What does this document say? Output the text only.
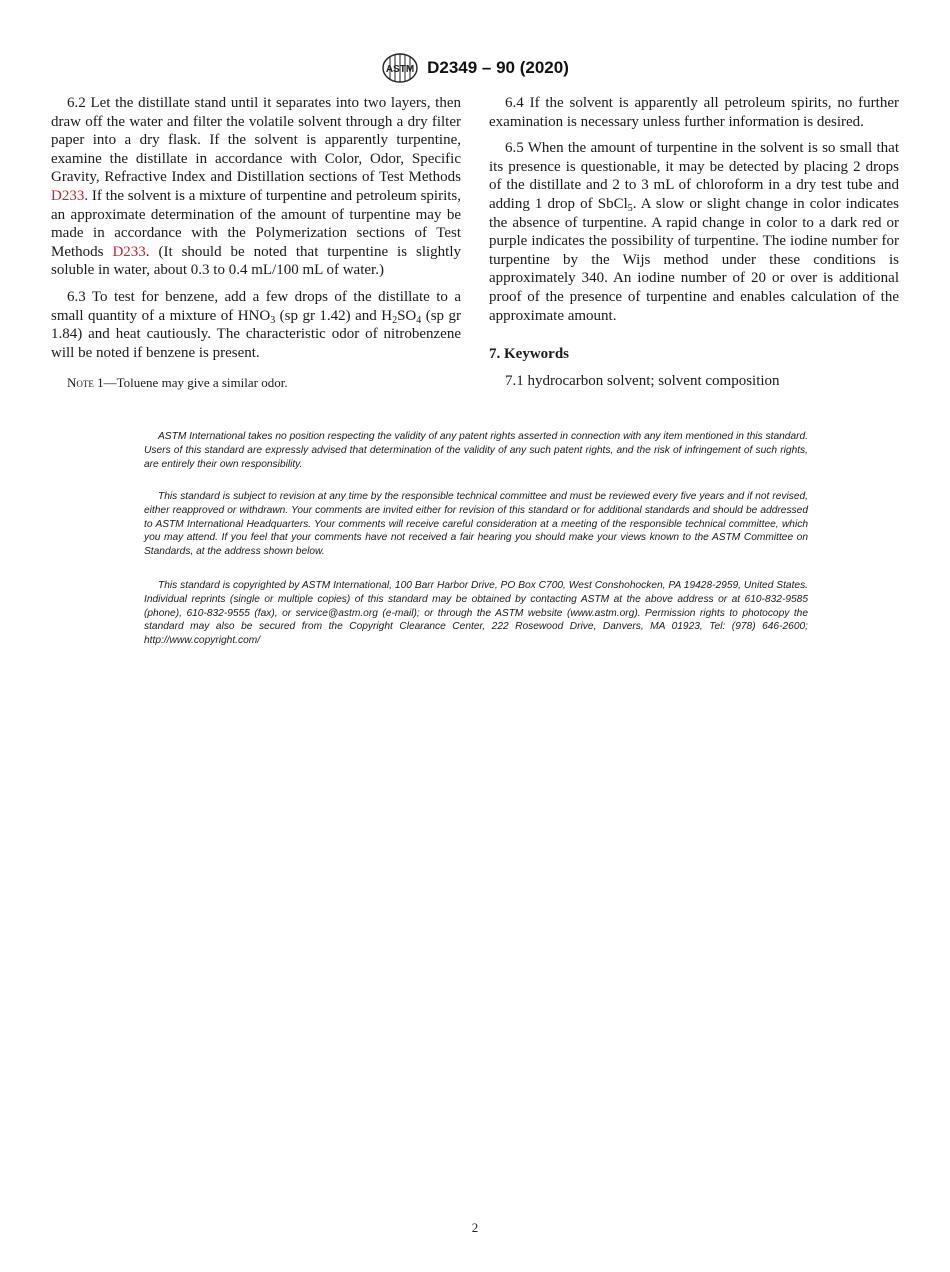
ASTM D2349 – 90 (2020)

6.2 Let the distillate stand until it separates into two layers, then draw off the water and filter the volatile solvent through a dry filter paper into a dry flask. If the solvent is apparently turpentine, examine the distillate in accordance with Color, Odor, Specific Gravity, Refractive Index and Distillation sections of Test Methods D233. If the solvent is a mixture of turpentine and petroleum spirits, an approximate determination of the amount of turpentine may be made in accordance with the Polymerization sections of Test Methods D233. (It should be noted that turpentine is slightly soluble in water, about 0.3 to 0.4 mL/100 mL of water.)

6.3 To test for benzene, add a few drops of the distillate to a small quantity of a mixture of $HNO_3$ (sp gr 1.42) and $H_2SO_4$ (sp gr 1.84) and heat cautiously. The characteristic odor of nitrobenzene will be noted if benzene is present.

Note 1—Toluene may give a similar odor.

6.4 If the solvent is apparently all petroleum spirits, no further examination is necessary unless further information is desired.

6.5 When the amount of turpentine in the solvent is so small that its presence is questionable, it may be detected by placing 2 drops of the distillate and 2 to 3 mL of chloroform in a dry test tube and adding 1 drop of SbCl$_5$. A slow or slight change in color indicates the absence of turpentine. A rapid change in color to a dark red or purple indicates the possibility of turpentine. The iodine number for turpentine by the Wijs method under these conditions is approximately 340. An iodine number of 20 or over is additional proof of the presence of turpentine and enables calculation of the approximate amount.

7. Keywords

7.1 hydrocarbon solvent; solvent composition

ASTM International takes no position respecting the validity of any patent rights asserted in connection with any item mentioned in this standard. Users of this standard are expressly advised that determination of the validity of any such patent rights, and the risk of infringement of such rights, are entirely their own responsibility.

This standard is subject to revision at any time by the responsible technical committee and must be reviewed every five years and if not revised, either reapproved or withdrawn. Your comments are invited either for revision of this standard or for additional standards and should be addressed to ASTM International Headquarters. Your comments will receive careful consideration at a meeting of the responsible technical committee, which you may attend. If you feel that your comments have not received a fair hearing you should make your views known to the ASTM Committee on Standards, at the address shown below.

This standard is copyrighted by ASTM International, 100 Barr Harbor Drive, PO Box C700, West Conshohocken, PA 19428-2959, United States. Individual reprints (single or multiple copies) of this standard may be obtained by contacting ASTM at the above address or at 610-832-9585 (phone), 610-832-9555 (fax), or service@astm.org (e-mail); or through the ASTM website (www.astm.org). Permission rights to photocopy the standard may also be secured from the Copyright Clearance Center, 222 Rosewood Drive, Danvers, MA 01923, Tel: (978) 646-2600; http://www.copyright.com/

2
